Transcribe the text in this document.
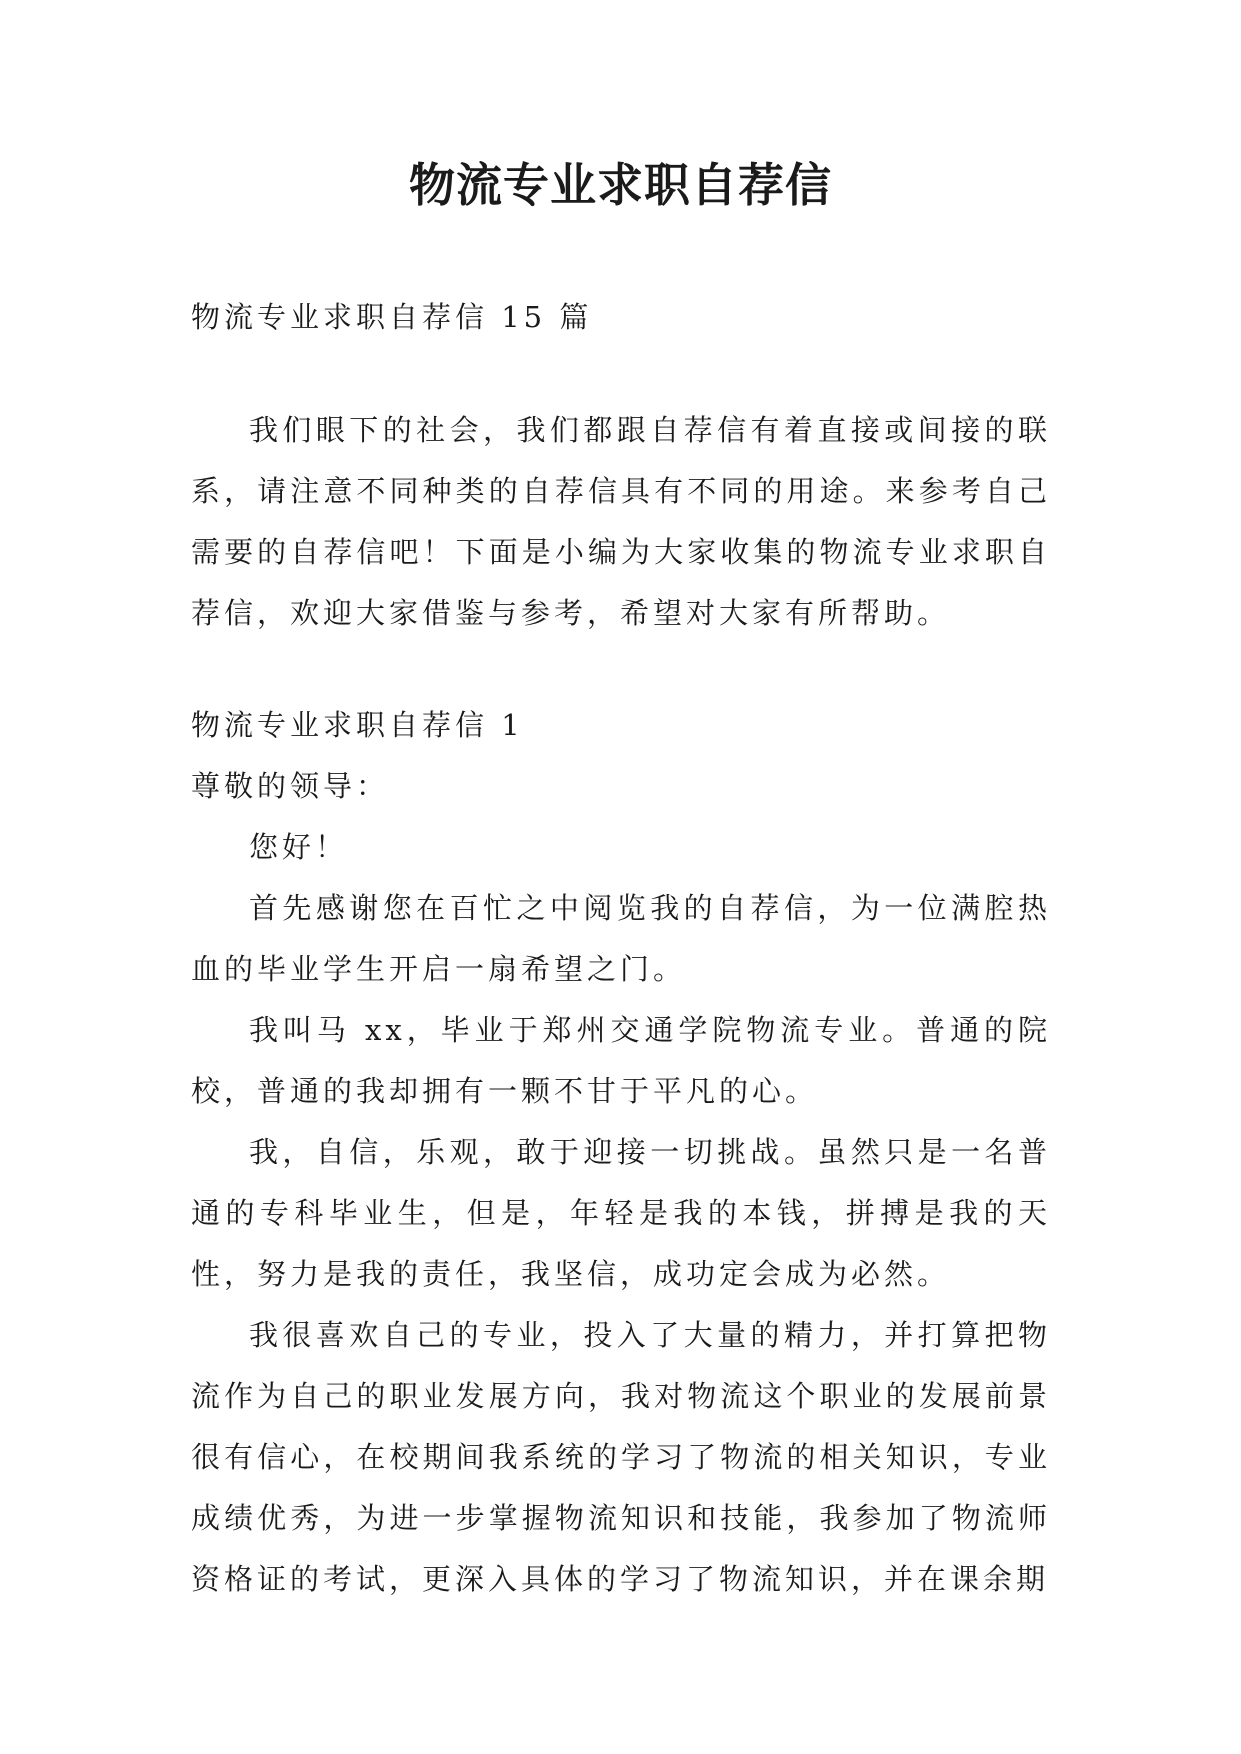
物流专业求职自荐信

物流专业求职自荐信 15 篇

我们眼下的社会，我们都跟自荐信有着直接或间接的联系，请注意不同种类的自荐信具有不同的用途。来参考自己需要的自荐信吧！下面是小编为大家收集的物流专业求职自荐信，欢迎大家借鉴与参考，希望对大家有所帮助。

物流专业求职自荐信 1

尊敬的领导：

您好！

首先感谢您在百忙之中阅览我的自荐信，为一位满腔热血的毕业学生开启一扇希望之门。

我叫马 xx，毕业于郑州交通学院物流专业。普通的院校，普通的我却拥有一颗不甘于平凡的心。

我，自信，乐观，敢于迎接一切挑战。虽然只是一名普通的专科毕业生，但是，年轻是我的本钱，拼搏是我的天性，努力是我的责任，我坚信，成功定会成为必然。

我很喜欢自己的专业，投入了大量的精力，并打算把物流作为自己的职业发展方向，我对物流这个职业的发展前景很有信心，在校期间我系统的学习了物流的相关知识，专业成绩优秀，为进一步掌握物流知识和技能，我参加了物流师资格证的考试，更深入具体的学习了物流知识，并在课余期
